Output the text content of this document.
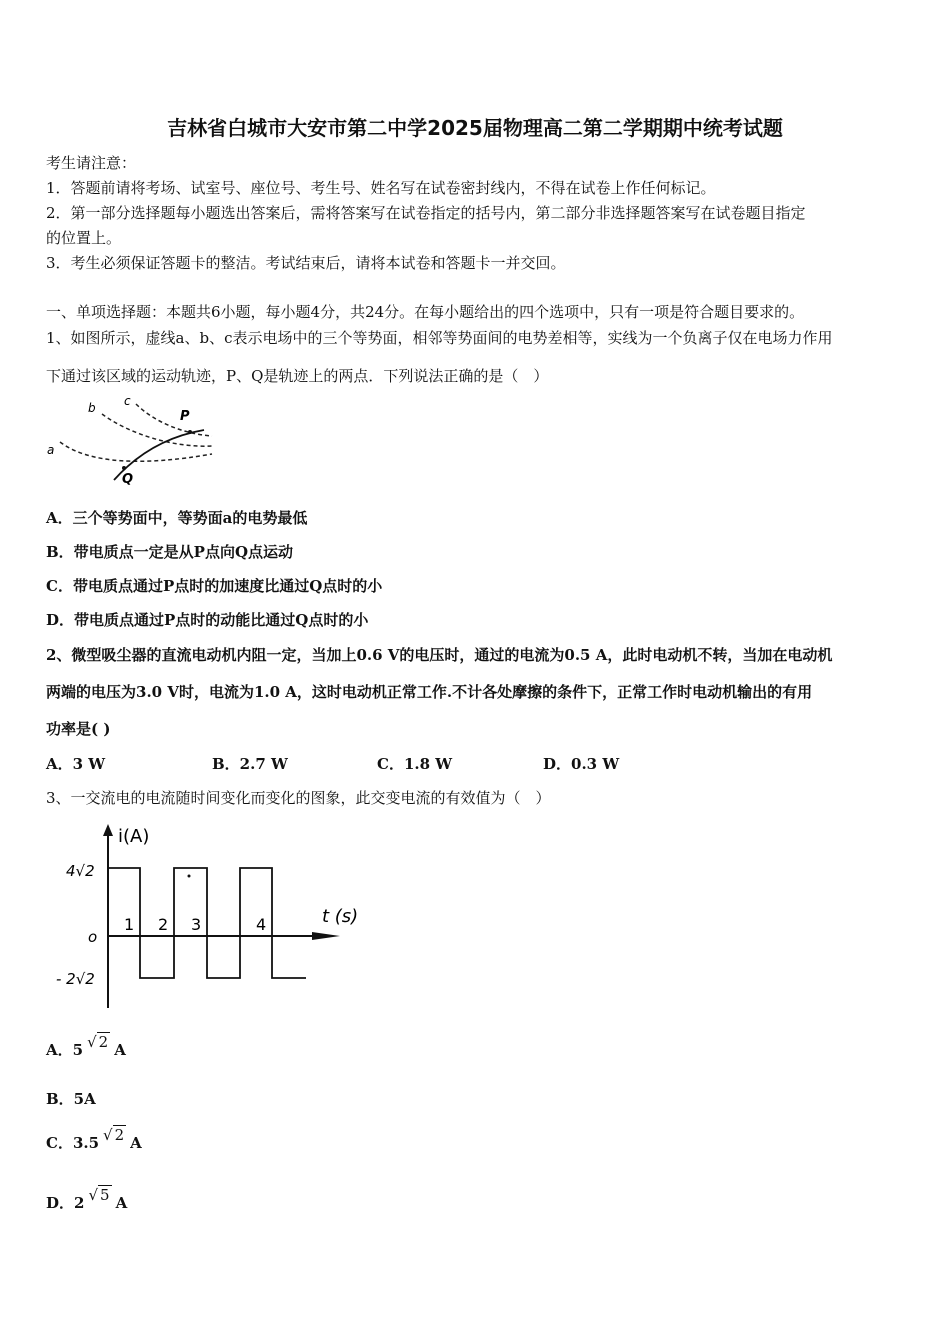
吉林省白城市大安市第二中学2025届物理高二第二学期期中统考试题
考生请注意：
1．答题前请将考场、试室号、座位号、考生号、姓名写在试卷密封线内，不得在试卷上作任何标记。
2．第一部分选择题每小题选出答案后，需将答案写在试卷指定的括号内，第二部分非选择题答案写在试卷题目指定
的位置上。
3．考生必须保证答题卡的整洁。考试结束后，请将本试卷和答题卡一并交回。
一、单项选择题：本题共6小题，每小题4分，共24分。在每小题给出的四个选项中，只有一项是符合题目要求的。
1、如图所示，虚线a、b、c表示电场中的三个等势面，相邻等势面间的电势差相等，实线为一个负离子仅在电场力作用
下通过该区域的运动轨迹，P、Q是轨迹上的两点．下列说法正确的是（　）
a
b c
P
Q
A．三个等势面中，等势面a的电势最低
B．带电质点一定是从P点向Q点运动
C．带电质点通过P点时的加速度比通过Q点时的小
D．带电质点通过P点时的动能比通过Q点时的小
2、微型吸尘器的直流电动机内阻一定，当加上0.6 V的电压时，通过的电流为0.5 A，此时电动机不转，当加在电动机
两端的电压为3.0 V时，电流为1.0 A，这时电动机正常工作.不计各处摩擦的条件下，正常工作时电动机输出的有用
功率是( )
A．3 W	B．2.7 W	C．1.8 W	D．0.3 W
3、一交流电的电流随时间变化而变化的图象，此交变电流的有效值为（　）
i(A)
t (s)
4√2
- 2√2
o
1 2 3	4
A．5 √ 2 A
B．5A
C．3.5 √ 2 A
D．2 √ 5 A
